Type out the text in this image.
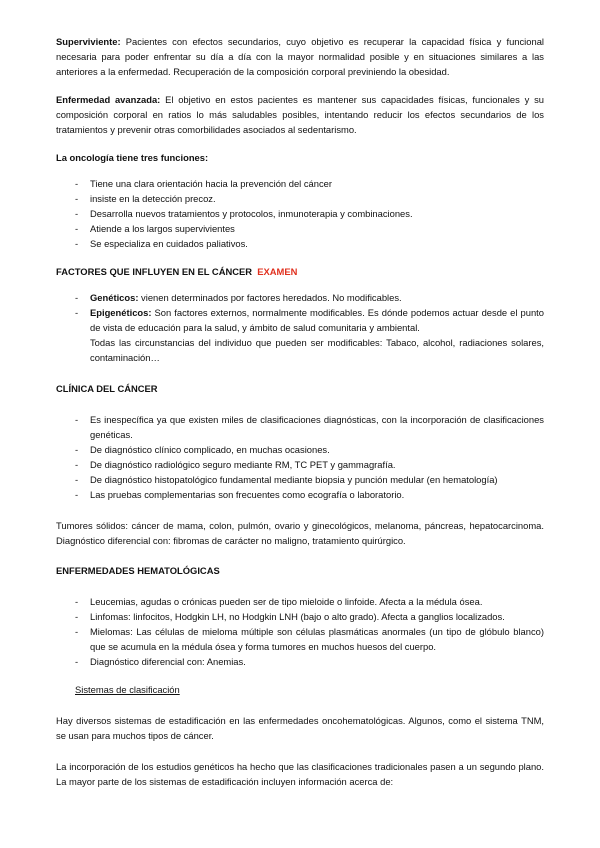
Superviviente: Pacientes con efectos secundarios, cuyo objetivo es recuperar la capacidad física y funcional necesaria para poder enfrentar su día a día con la mayor normalidad posible y en situaciones similares a las anteriores a la enfermedad. Recuperación de la composición corporal previniendo la obesidad.

Enfermedad avanzada: El objetivo en estos pacientes es mantener sus capacidades físicas, funcionales y su composición corporal en ratios lo más saludables posibles, intentando reducir los efectos secundarios de los tratamientos y prevenir otras comorbilidades asociados al sedentarismo.

La oncología tiene tres funciones:

- Tiene una clara orientación hacia la prevención del cáncer
- insiste en la detección precoz.
- Desarrolla nuevos tratamientos y protocolos, inmunoterapia y combinaciones.
- Atiende a los largos supervivientes
- Se especializa en cuidados paliativos.

FACTORES QUE INFLUYEN EN EL CÁNCER EXAMEN

- Genéticos: vienen determinados por factores heredados. No modificables.
- Epigenéticos: Son factores externos, normalmente modificables. Es dónde podemos actuar desde el punto de vista de educación para la salud, y ámbito de salud comunitaria y ambiental.

Todas las circunstancias del individuo que pueden ser modificables: Tabaco, alcohol, radiaciones solares, contaminación…

CLÍNICA DEL CÁNCER

- Es inespecífica ya que existen miles de clasificaciones diagnósticas, con la incorporación de clasificaciones genéticas.
- De diagnóstico clínico complicado, en muchas ocasiones.
- De diagnóstico radiológico seguro mediante RM, TC PET y gammagrafía.
- De diagnóstico histopatológico fundamental mediante biopsia y punción medular (en hematología)
- Las pruebas complementarias son frecuentes como ecografía o laboratorio.

Tumores sólidos: cáncer de mama, colon, pulmón, ovario y ginecológicos, melanoma, páncreas, hepatocarcinoma. Diagnóstico diferencial con: fibromas de carácter no maligno, tratamiento quirúrgico.

ENFERMEDADES HEMATOLÓGICAS

- Leucemias, agudas o crónicas pueden ser de tipo mieloide o linfoide. Afecta a la médula ósea.
- Linfomas: linfocitos, Hodgkin LH, no Hodgkin LNH (bajo o alto grado). Afecta a ganglios localizados.
- Mielomas: Las células de mieloma múltiple son células plasmáticas anormales (un tipo de glóbulo blanco) que se acumula en la médula ósea y forma tumores en muchos huesos del cuerpo.
- Diagnóstico diferencial con: Anemias.

Sistemas de clasificación

Hay diversos sistemas de estadificación en las enfermedades oncohematológicas. Algunos, como el sistema TNM, se usan para muchos tipos de cáncer.

La incorporación de los estudios genéticos ha hecho que las clasificaciones tradicionales pasen a un segundo plano. La mayor parte de los sistemas de estadificación incluyen información acerca de:
